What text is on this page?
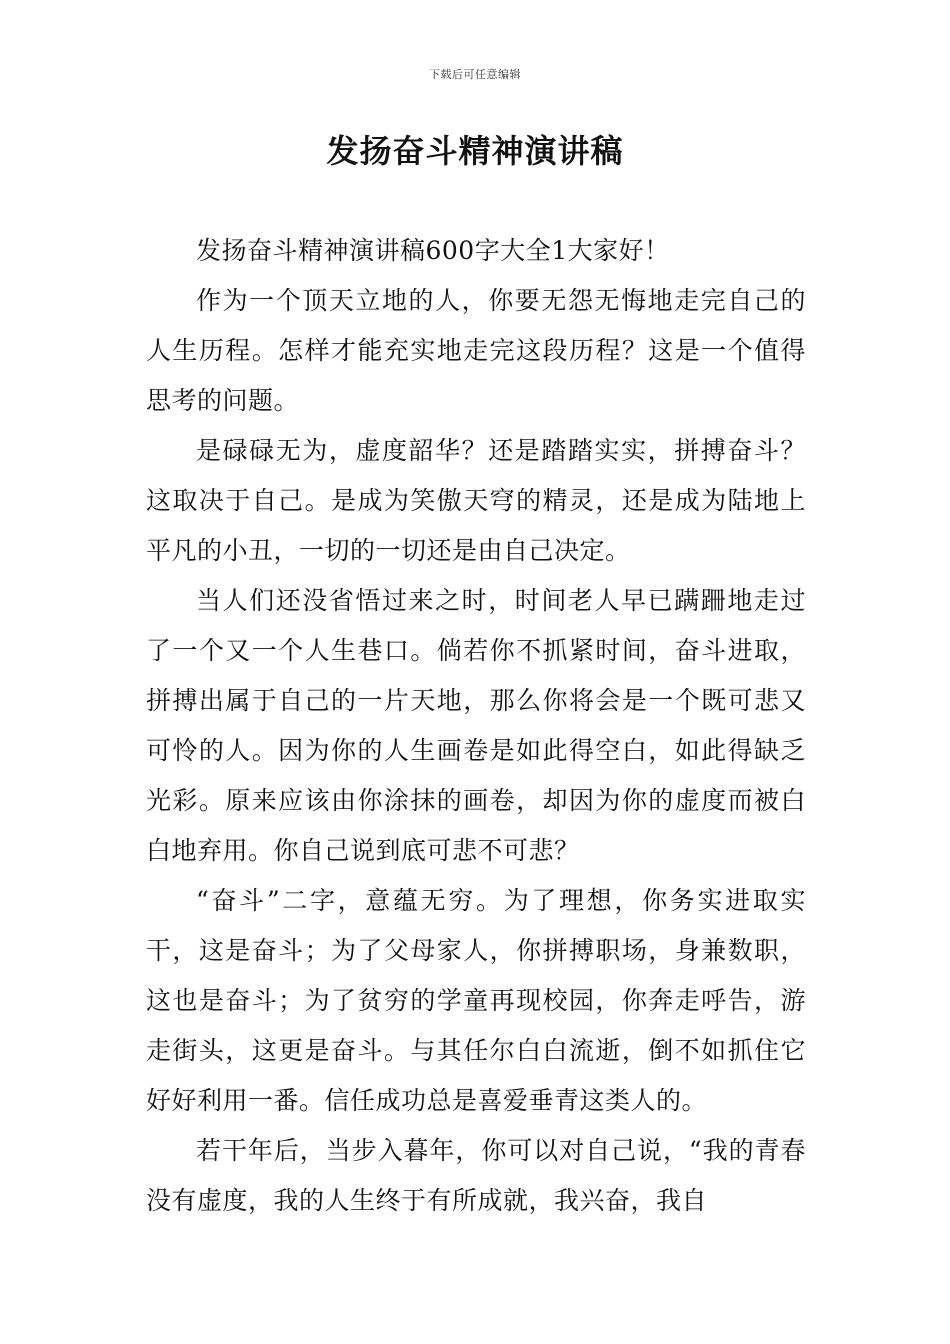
下载后可任意编辑
发扬奋斗精神演讲稿

发扬奋斗精神演讲稿600字大全1大家好！

作为一个顶天立地的人，你要无怨无悔地走完自己的人生历程。怎样才能充实地走完这段历程？这是一个值得思考的问题。

是碌碌无为，虚度韶华？还是踏踏实实，拼搏奋斗？这取决于自己。是成为笑傲天穹的精灵，还是成为陆地上平凡的小丑，一切的一切还是由自己决定。

当人们还没省悟过来之时，时间老人早已蹒跚地走过了一个又一个人生巷口。倘若你不抓紧时间，奋斗进取，拼搏出属于自己的一片天地，那么你将会是一个既可悲又可怜的人。因为你的人生画卷是如此得空白，如此得缺乏光彩。原来应该由你涂抹的画卷，却因为你的虚度而被白白地弃用。你自己说到底可悲不可悲？

“奋斗”二字，意蕴无穷。为了理想，你务实进取实干，这是奋斗；为了父母家人，你拼搏职场，身兼数职，这也是奋斗；为了贫穷的学童再现校园，你奔走呼告，游走街头，这更是奋斗。与其任尔白白流逝，倒不如抓住它好好利用一番。信任成功总是喜爱垂青这类人的。

若干年后，当步入暮年，你可以对自己说，“我的青春没有虚度，我的人生终于有所成就，我兴奋，我自
